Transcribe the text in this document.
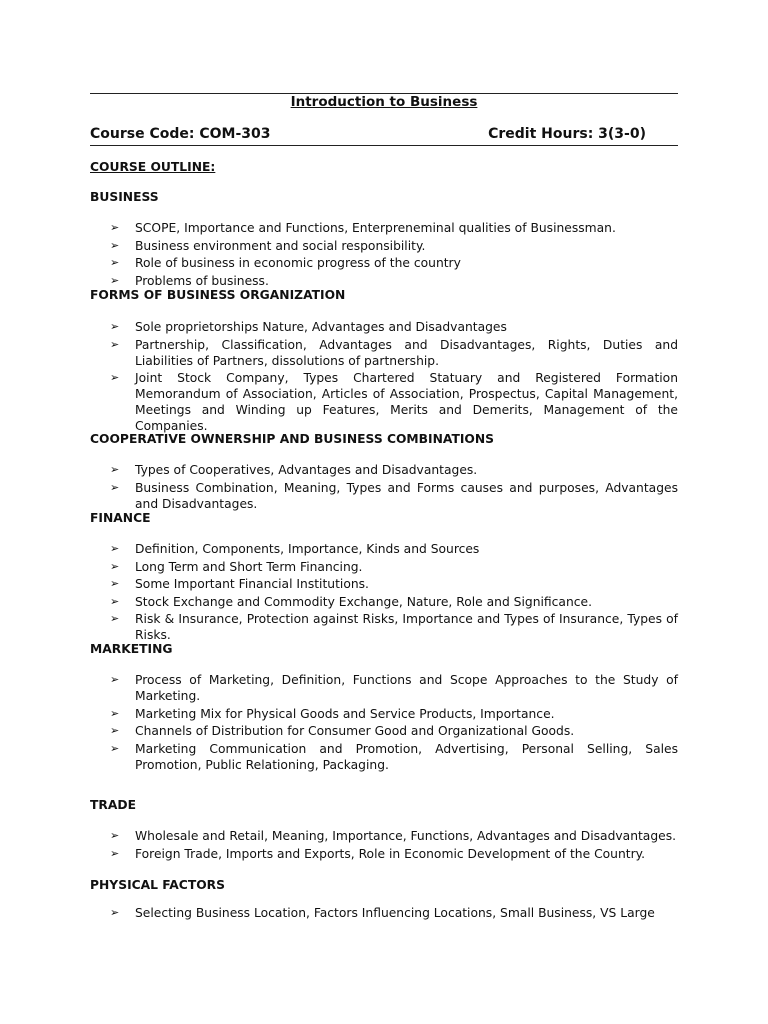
Introduction to Business
Course Code: COM-303	Credit Hours: 3(3-0)
COURSE OUTLINE:
BUSINESS
➢ SCOPE, Importance and Functions, Enterpreneminal qualities of Businessman.
➢ Business environment and social responsibility.
➢ Role of business in economic progress of the country
➢ Problems of business.
FORMS OF BUSINESS ORGANIZATION
➢ Sole proprietorships Nature, Advantages and Disadvantages
➢ Partnership, Classification, Advantages and Disadvantages, Rights, Duties and Liabilities of Partners, dissolutions of partnership.
➢ Joint Stock Company, Types Chartered Statuary and Registered Formation Memorandum of Association, Articles of Association, Prospectus, Capital Management, Meetings and Winding up Features, Merits and Demerits, Management of the Companies.
COOPERATIVE OWNERSHIP AND BUSINESS COMBINATIONS
➢ Types of Cooperatives, Advantages and Disadvantages.
➢ Business Combination, Meaning, Types and Forms causes and purposes, Advantages and Disadvantages.
FINANCE
➢ Definition, Components, Importance, Kinds and Sources
➢ Long Term and Short Term Financing.
➢ Some Important Financial Institutions.
➢ Stock Exchange and Commodity Exchange, Nature, Role and Significance.
➢ Risk & Insurance, Protection against Risks, Importance and Types of Insurance, Types of Risks.
MARKETING
➢ Process of Marketing, Definition, Functions and Scope Approaches to the Study of Marketing.
➢ Marketing Mix for Physical Goods and Service Products, Importance.
➢ Channels of Distribution for Consumer Good and Organizational Goods.
➢ Marketing Communication and Promotion, Advertising, Personal Selling, Sales Promotion, Public Relationing, Packaging.
TRADE
➢ Wholesale and Retail, Meaning, Importance, Functions, Advantages and Disadvantages.
➢ Foreign Trade, Imports and Exports, Role in Economic Development of the Country.
PHYSICAL FACTORS
➢ Selecting Business Location, Factors Influencing Locations, Small Business, VS Large
